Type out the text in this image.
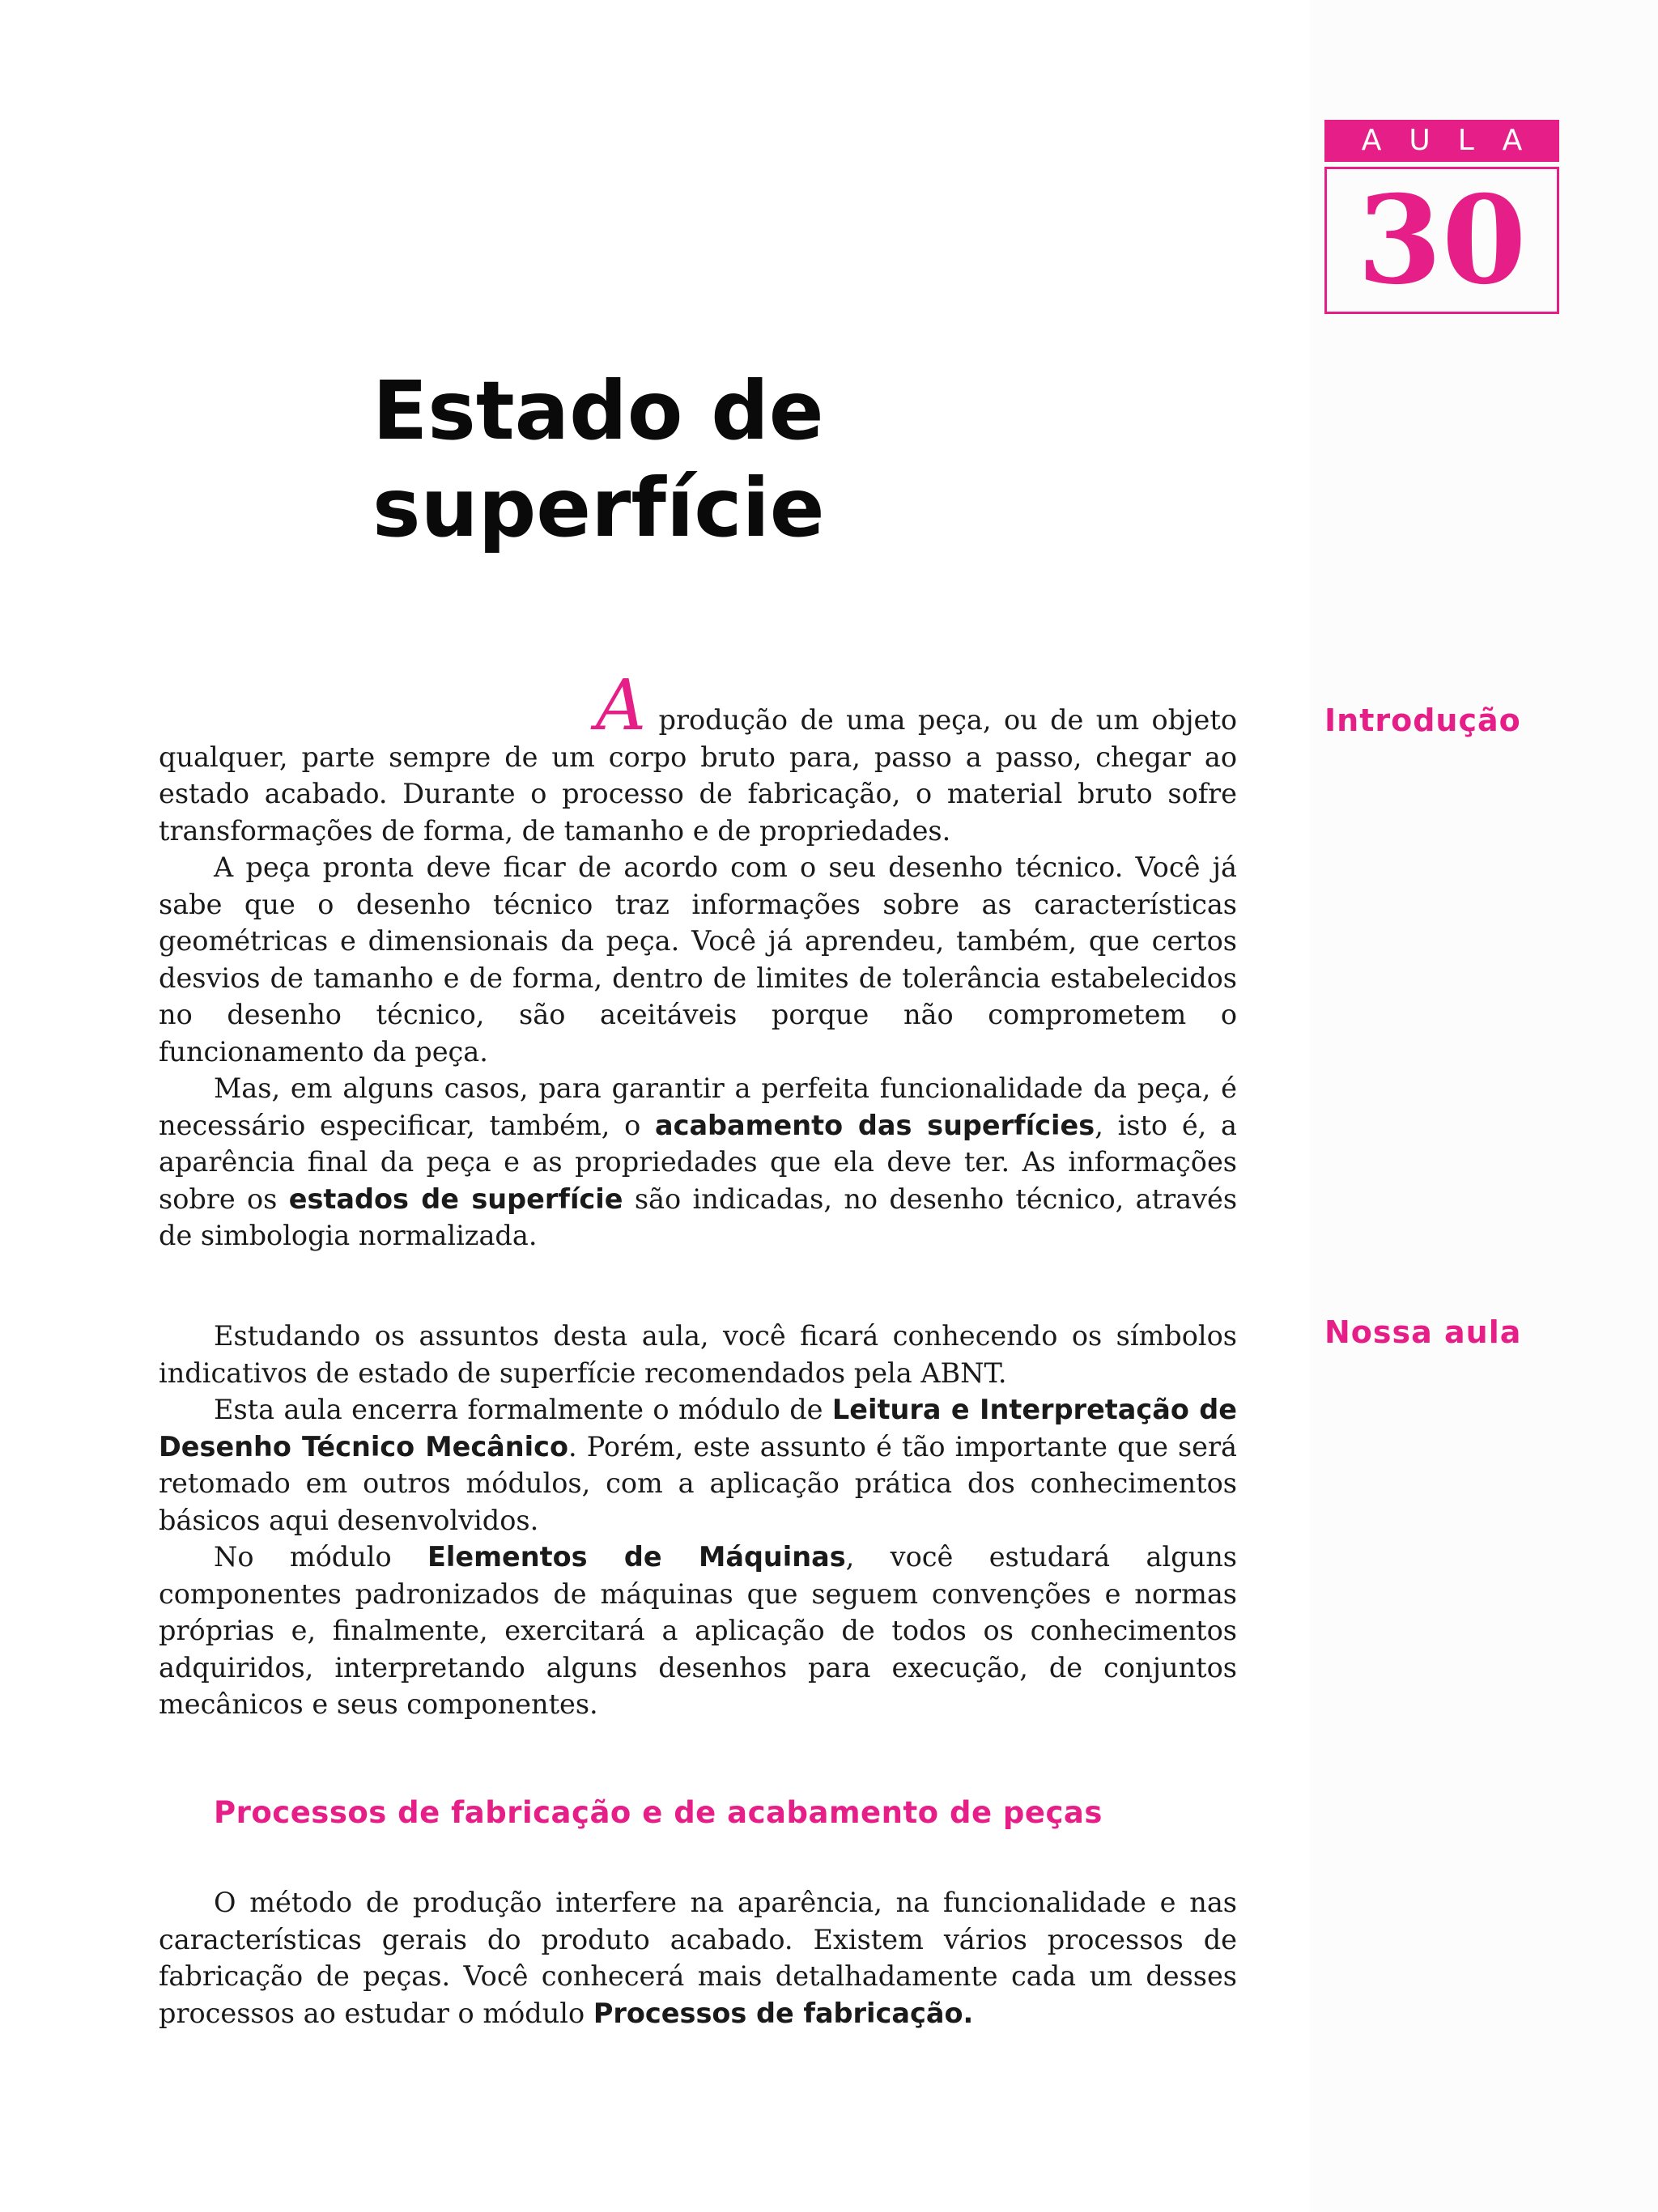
AULA
30
Estado de superfície
Introdução

A produção de uma peça, ou de um objeto qualquer, parte sempre de um corpo bruto para, passo a passo, chegar ao estado acabado. Durante o processo de fabricação, o material bruto sofre transformações de forma, de tamanho e de propriedades.

A peça pronta deve ficar de acordo com o seu desenho técnico. Você já sabe que o desenho técnico traz informações sobre as características geométricas e dimensionais da peça. Você já aprendeu, também, que certos desvios de tamanho e de forma, dentro de limites de tolerância estabelecidos no desenho técnico, são aceitáveis porque não comprometem o funcionamento da peça.

Mas, em alguns casos, para garantir a perfeita funcionalidade da peça, é necessário especificar, também, o acabamento das superfícies, isto é, a aparência final da peça e as propriedades que ela deve ter. As informações sobre os estados de superfície são indicadas, no desenho técnico, através de simbologia normalizada.

Nossa aula

Estudando os assuntos desta aula, você ficará conhecendo os símbolos indicativos de estado de superfície recomendados pela ABNT.

Esta aula encerra formalmente o módulo de Leitura e Interpretação de Desenho Técnico Mecânico. Porém, este assunto é tão importante que será retomado em outros módulos, com a aplicação prática dos conhecimentos básicos aqui desenvolvidos.

No módulo Elementos de Máquinas, você estudará alguns componentes padronizados de máquinas que seguem convenções e normas próprias e, finalmente, exercitará a aplicação de todos os conhecimentos adquiridos, interpretando alguns desenhos para execução, de conjuntos mecânicos e seus componentes.

Processos de fabricação e de acabamento de peças

O método de produção interfere na aparência, na funcionalidade e nas características gerais do produto acabado. Existem vários processos de fabricação de peças. Você conhecerá mais detalhadamente cada um desses processos ao estudar o módulo Processos de fabricação.
